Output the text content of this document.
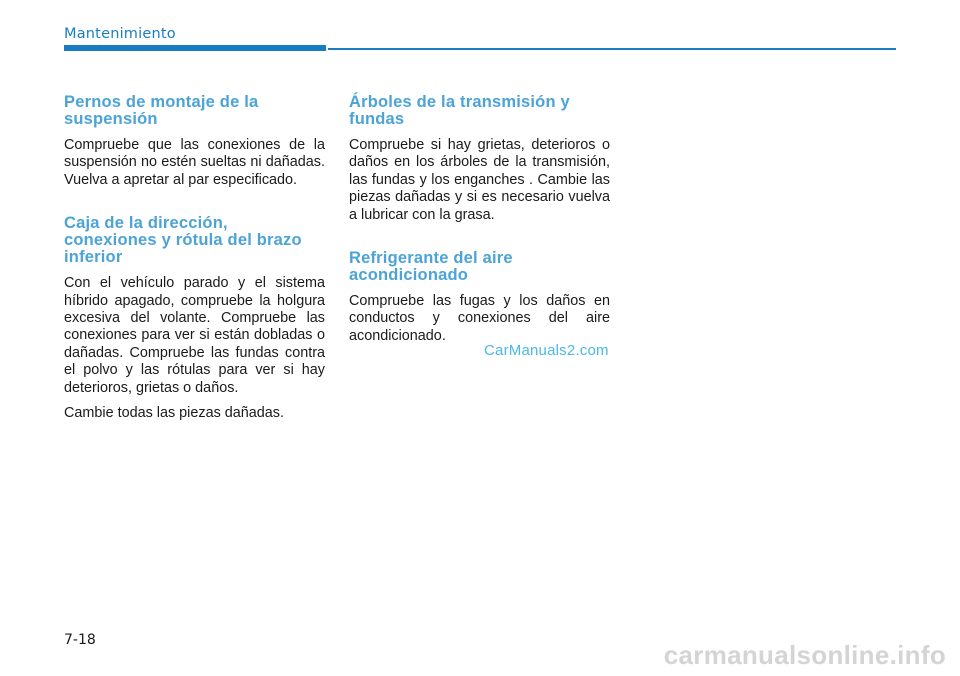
Mantenimiento
Pernos de montaje de la suspensión

Compruebe que las conexiones de la suspensión no estén sueltas ni dañadas. Vuelva a apretar al par especificado.

Caja de la dirección, conexiones y rótula del brazo inferior

Con el vehículo parado y el sistema híbrido apagado, compruebe la holgura excesiva del volante. Compruebe las conexiones para ver si están dobladas o dañadas. Compruebe las fundas contra el polvo y las rótulas para ver si hay deterioros, grietas o daños.

Cambie todas las piezas dañadas.

Árboles de la transmisión y fundas

Compruebe si hay grietas, deterioros o daños en los árboles de la transmisión, las fundas y los enganches . Cambie las piezas dañadas y si es necesario vuelva a lubricar con la grasa.

Refrigerante del aire acondicionado

Compruebe las fugas y los daños en conductos y conexiones del aire acondicionado.

CarManuals2.com
carmanualsonline.info
7-18
